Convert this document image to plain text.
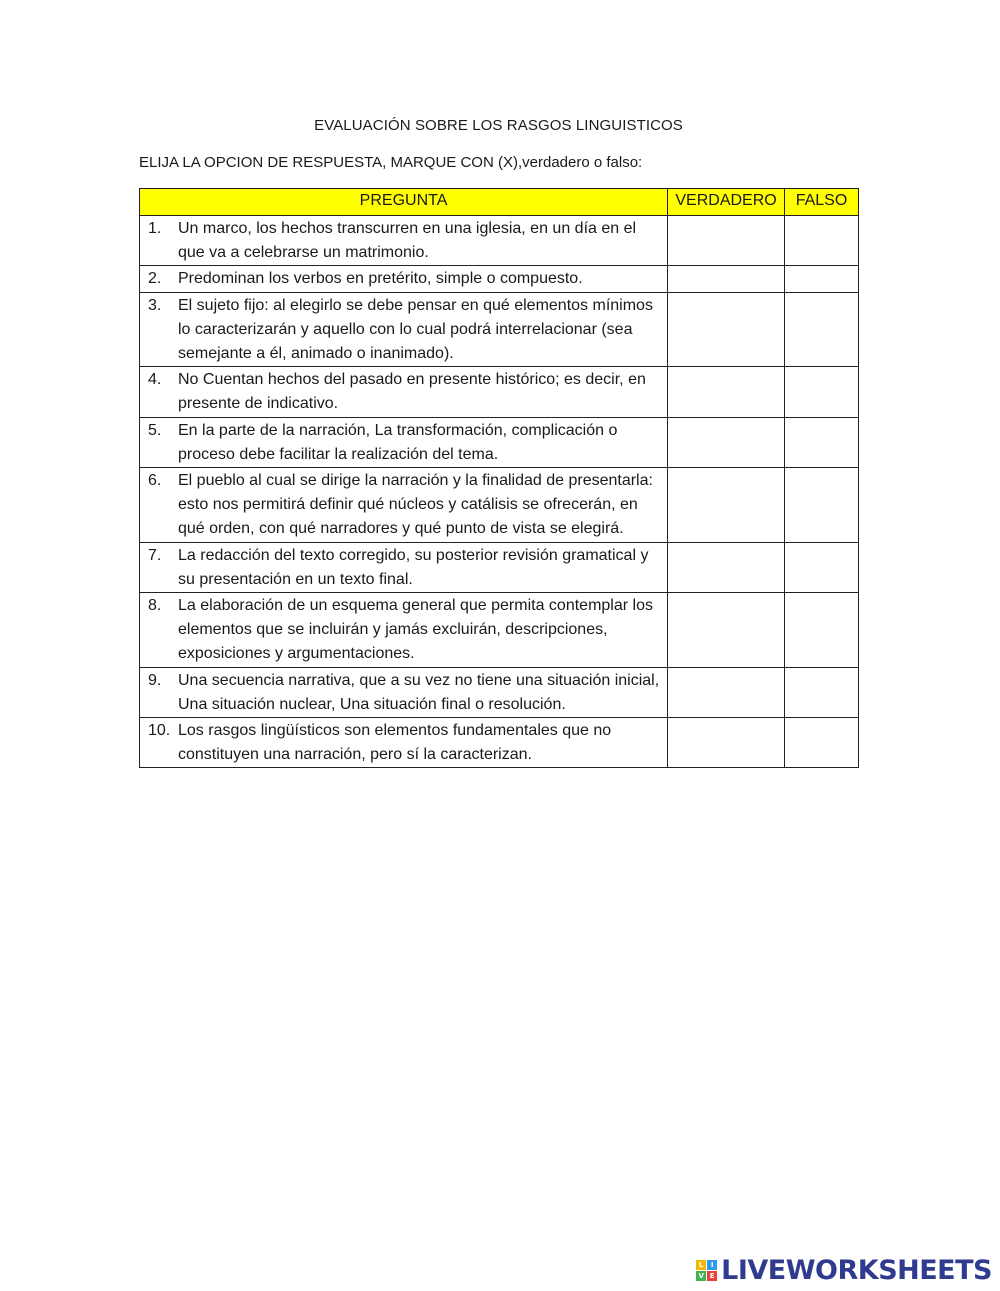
EVALUACIÓN SOBRE LOS RASGOS LINGUISTICOS
ELIJA LA OPCION DE RESPUESTA, MARQUE CON (X),verdadero o falso:
PREGUNTA	VERDADERO	FALSO

1. Un marco, los hechos transcurren en una iglesia, en un día en el que va a celebrarse un matrimonio.		

2. Predominan los verbos en pretérito, simple o compuesto.		

3. El sujeto fijo: al elegirlo se debe pensar en qué elementos mínimos lo caracterizarán y aquello con lo cual podrá interrelacionar (sea semejante a él, animado o inanimado).		

4. No Cuentan hechos del pasado en presente histórico; es decir, en presente de indicativo.		

5. En la parte de la narración, La transformación, complicación o proceso debe facilitar la realización del tema.		

6. El pueblo al cual se dirige la narración y la finalidad de presentarla: esto nos permitirá definir qué núcleos y catálisis se ofrecerán, en qué orden, con qué narradores y qué punto de vista se elegirá.		

7. La redacción del texto corregido, su posterior revisión gramatical y su presentación en un texto final.		

8. La elaboración de un esquema general que permita contemplar los elementos que se incluirán y jamás excluirán, descripciones, exposiciones y argumentaciones.		

9. Una secuencia narrativa, que a su vez no tiene una situación inicial, Una situación nuclear, Una situación final o resolución.		

10. Los rasgos lingüísticos son elementos fundamentales que no constituyen una narración, pero sí la caracterizan.		

L	I
V E LIVEWORKSHEETS
